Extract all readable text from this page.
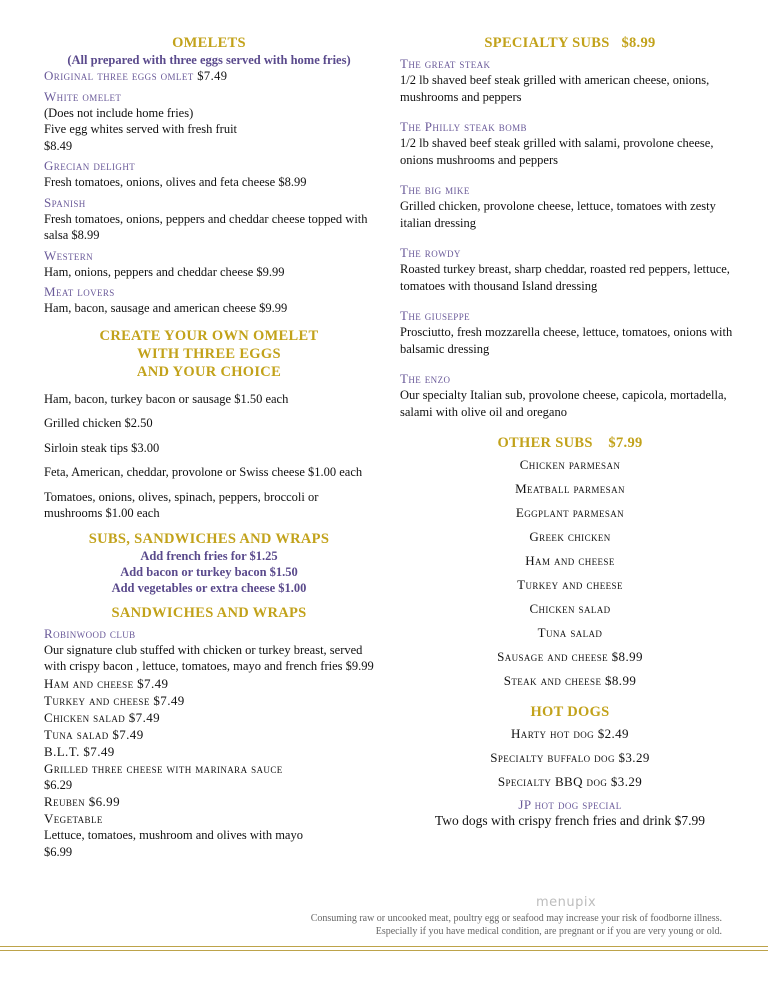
OMELETS
(All prepared with three eggs served with home fries)
Original three eggs omlet $7.49
White omelet
(Does not include home fries)
Five egg whites served with fresh fruit
$8.49
Grecian delight
Fresh tomatoes, onions, olives and feta cheese $8.99
Spanish
Fresh tomatoes, onions, peppers and cheddar cheese topped with salsa $8.99
Western
Ham, onions, peppers and cheddar cheese $9.99
Meat lovers
Ham, bacon, sausage and american cheese $9.99
CREATE YOUR OWN OMELET
WITH THREE EGGS
AND YOUR CHOICE
Ham, bacon, turkey bacon or sausage $1.50 each
Grilled chicken $2.50
Sirloin steak tips $3.00
Feta, American, cheddar, provolone or Swiss cheese $1.00 each
Tomatoes, onions, olives, spinach, peppers, broccoli or mushrooms $1.00 each
SUBS, SANDWICHES AND WRAPS
Add french fries for $1.25
Add bacon or turkey bacon $1.50
Add vegetables or extra cheese $1.00
SANDWICHES AND WRAPS
Robinwood club
Our signature club stuffed with chicken or turkey breast, served with crispy bacon , lettuce, tomatoes, mayo and french fries $9.99
Ham and cheese $7.49
Turkey and cheese $7.49
Chicken salad $7.49
Tuna salad $7.49
B.L.T. $7.49
Grilled three cheese with marinara sauce
$6.29
Reuben $6.99
Vegetable
Lettuce, tomatoes, mushroom and olives with mayo
$6.99
SPECIALTY SUBS $8.99
The great steak
1/2 lb shaved beef steak grilled with american cheese, onions, mushrooms and peppers
The Philly steak bomb
1/2 lb shaved beef steak grilled with salami, provolone cheese, onions mushrooms and peppers
The big mike
Grilled chicken, provolone cheese, lettuce, tomatoes with zesty italian dressing
The rowdy
Roasted turkey breast, sharp cheddar, roasted red peppers, lettuce, tomatoes with thousand Island dressing
The giuseppe
Prosciutto, fresh mozzarella cheese, lettuce, tomatoes, onions with balsamic dressing
The enzo
Our specialty Italian sub, provolone cheese, capicola, mortadella, salami with olive oil and oregano
OTHER SUBS $7.99
Chicken parmesan
Meatball parmesan
Eggplant parmesan
Greek chicken
Ham and cheese
Turkey and cheese
Chicken salad
Tuna salad
Sausage and cheese $8.99
Steak and cheese $8.99
HOT DOGS
Harty hot dog $2.49
Specialty buffalo dog $3.29
Specialty BBQ dog $3.29
JP hot dog special
Two dogs with crispy french fries and drink $7.99
menupix
Consuming raw or uncooked meat, poultry egg or seafood may increase your risk of foodborne illness.
Especially if you have medical condition, are pregnant or if you are very young or old.
